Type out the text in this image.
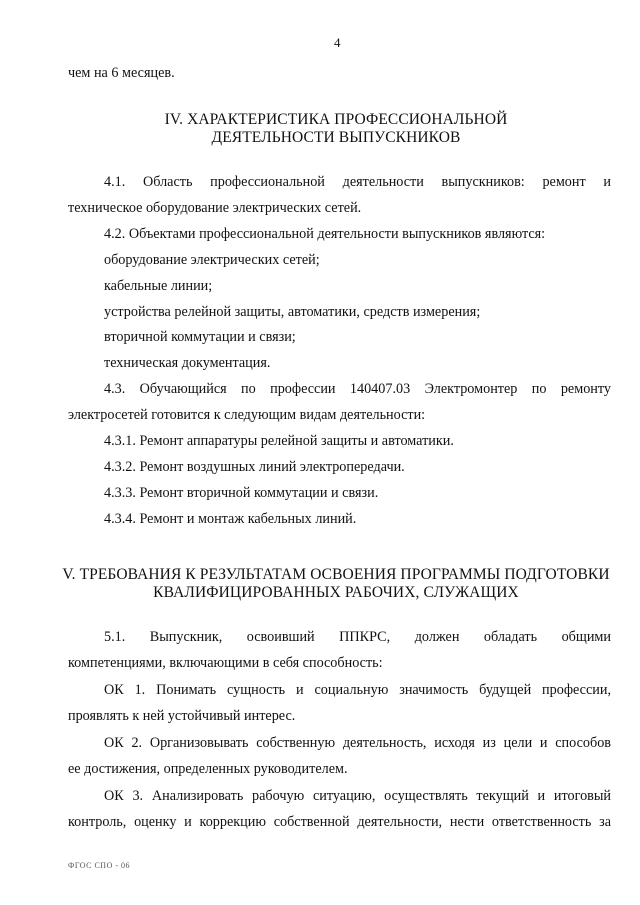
4
чем на 6 месяцев.
IV. ХАРАКТЕРИСТИКА ПРОФЕССИОНАЛЬНОЙ
ДЕЯТЕЛЬНОСТИ ВЫПУСКНИКОВ
4.1. Область профессиональной деятельности выпускников: ремонт и
техническое оборудование электрических сетей.
4.2. Объектами профессиональной деятельности выпускников являются:
оборудование электрических сетей;
кабельные линии;
устройства релейной защиты, автоматики, средств измерения;
вторичной коммутации и связи;
техническая документация.
4.3. Обучающийся по профессии 140407.03 Электромонтер по ремонту
электросетей готовится к следующим видам деятельности:
4.3.1. Ремонт аппаратуры релейной защиты и автоматики.
4.3.2. Ремонт воздушных линий электропередачи.
4.3.3. Ремонт вторичной коммутации и связи.
4.3.4. Ремонт и монтаж кабельных линий.
V. ТРЕБОВАНИЯ К РЕЗУЛЬТАТАМ ОСВОЕНИЯ ПРОГРАММЫ ПОДГОТОВКИ
КВАЛИФИЦИРОВАННЫХ РАБОЧИХ, СЛУЖАЩИХ
5.1. Выпускник, освоивший ППКРС, должен обладать общими
компетенциями, включающими в себя способность:
ОК 1. Понимать сущность и социальную значимость будущей профессии,
проявлять к ней устойчивый интерес.
ОК 2. Организовывать собственную деятельность, исходя из цели и способов
ее достижения, определенных руководителем.
ОК 3. Анализировать рабочую ситуацию, осуществлять текущий и итоговый
контроль, оценку и коррекцию собственной деятельности, нести ответственность за
ФГОС СПО - 06
